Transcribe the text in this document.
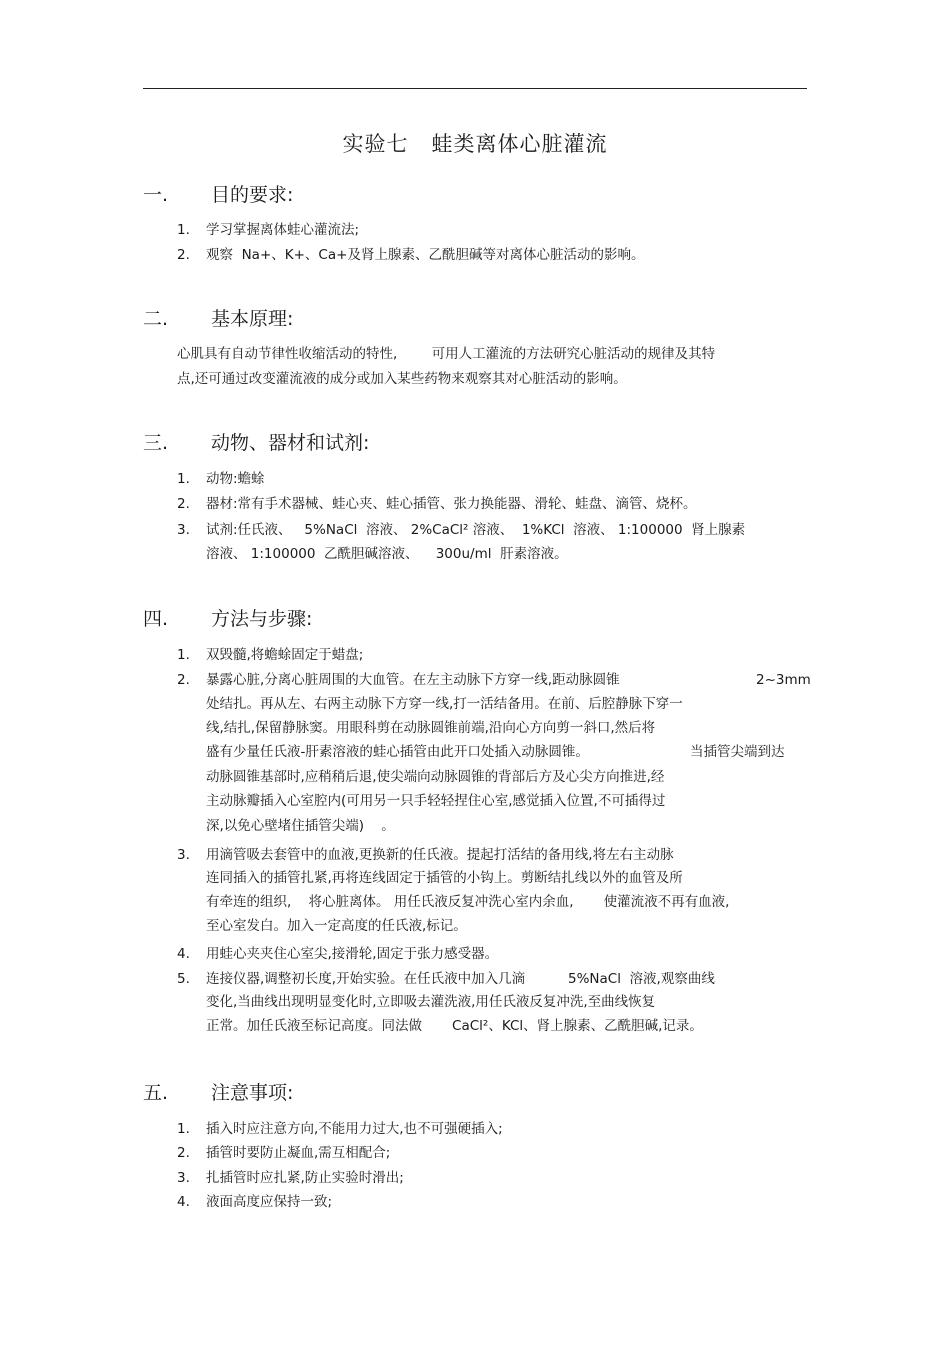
实验七   蛙类离体心脏灌流
一. 目的要求:
1.	学习掌握离体蛙心灌流法;
2.	观察  Na+、K+、Ca+及肾上腺素、乙酰胆碱等对离体心脏活动的影响。
二. 基本原理:
心肌具有自动节律性收缩活动的特性,        可用人工灌流的方法研究心脏活动的规律及其特
点,还可通过改变灌流液的成分或加入某些药物来观察其对心脏活动的影响。
三. 动物、器材和试剂:
1.	动物:蟾蜍
2.	器材:常有手术器械、蛙心夹、蛙心插管、张力换能器、滑轮、蛙盘、滴管、烧杯。
3.	试剂:任氏液、   5%NaCl  溶液、 2%CaCl² 溶液、  1%KCl  溶液、 1:100000  肾上腺素
溶液、 1:100000  乙酰胆碱溶液、    300u/ml  肝素溶液。
四. 方法与步骤:
1.	双毁髓,将蟾蜍固定于蜡盘;
2.	暴露心脏,分离心脏周围的大血管。在左主动脉下方穿一线,距动脉圆锥	2~3mm
处结扎。再从左、右两主动脉下方穿一线,打一活结备用。在前、后腔静脉下穿一
线,结扎,保留静脉窦。用眼科剪在动脉圆锥前端,沿向心方向剪一斜口,然后将
盛有少量任氏液-肝素溶液的蛙心插管由此开口处插入动脉圆锥。	当插管尖端到达
动脉圆锥基部时,应稍稍后退,使尖端向动脉圆锥的背部后方及心尖方向推进,经
主动脉瓣插入心室腔内(可用另一只手轻轻捏住心室,感觉插入位置,不可插得过
深,以免心壁堵住插管尖端)    。
3.	用滴管吸去套管中的血液,更换新的任氏液。提起打活结的备用线,将左右主动脉
连同插入的插管扎紧,再将连线固定于插管的小钩上。剪断结扎线以外的血管及所
有牵连的组织,    将心脏离体。 用任氏液反复冲洗心室内余血,       使灌流液不再有血液,
至心室发白。加入一定高度的任氏液,标记。
4.	用蛙心夹夹住心室尖,接滑轮,固定于张力感受器。
5.	连接仪器,调整初长度,开始实验。在任氏液中加入几滴          5%NaCl  溶液,观察曲线
变化,当曲线出现明显变化时,立即吸去灌洗液,用任氏液反复冲洗,至曲线恢复
正常。加任氏液至标记高度。同法做       CaCl²、KCl、肾上腺素、乙酰胆碱,记录。
五. 注意事项:
1.	插入时应注意方向,不能用力过大,也不可强硬插入;
2.	插管时要防止凝血,需互相配合;
3.	扎插管时应扎紧,防止实验时滑出;
4.	液面高度应保持一致;
